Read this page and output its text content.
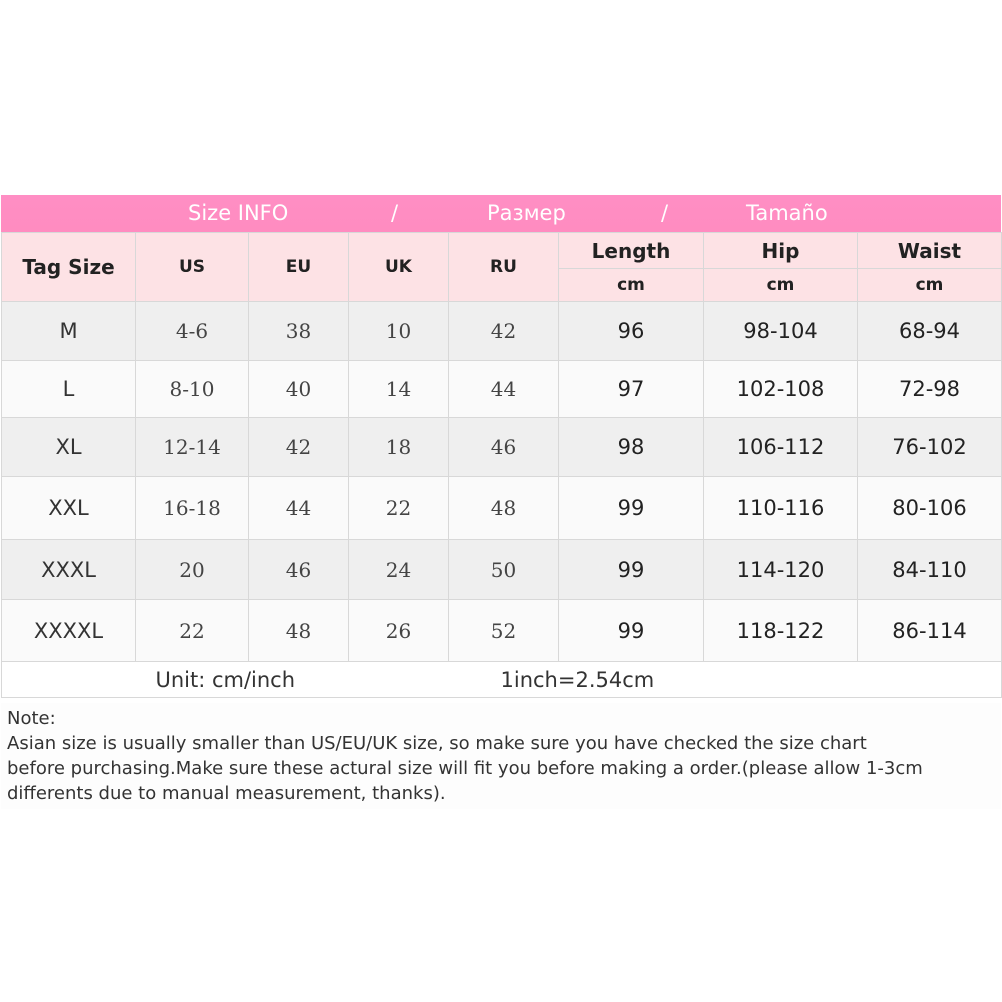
Size INFO	/	Размер	/	Tamaño
Tag Size	US	EU	UK	RU	Length	Hip	Waist
					cm	cm	cm
M	4-6	38	10	42	96	98-104	68-94
L	8-10	40	14	44	97	102-108	72-98
XL	12-14	42	18	46	98	106-112	76-102
XXL	16-18	44	22	48	99	110-116	80-106
XXXL	20	46	24	50	99	114-120	84-110
XXXXL	22	48	26	52	99	118-122	86-114
Unit: cm/inch				1inch=2.54cm			
Note:
Asian size is usually smaller than US/EU/UK size, so make sure you have checked the size chart
before purchasing.Make sure these actural size will fit you before making a order.(please allow 1-3cm
differents due to manual measurement, thanks).
